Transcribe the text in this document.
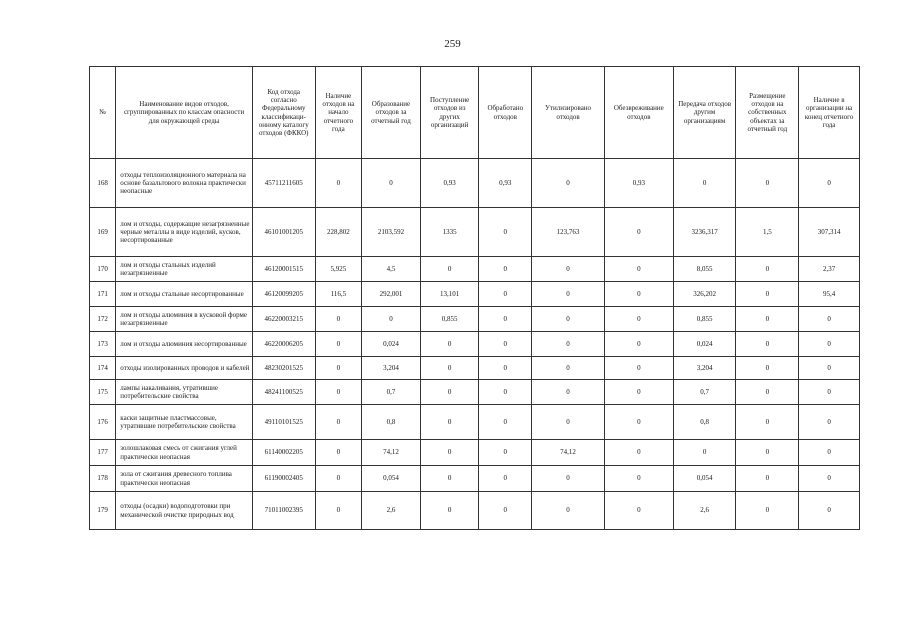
259
№	Наименование видов отходов, сгруппированных по классам опасности для окружающей среды	Код отхода согласно Федеральному классификаци-онному каталогу отходов (ФККО)	Наличие отходов на начало отчетного года	Образование отходов за отчетный год	Поступление отходов из других организаций	Обработано отходов	Утилизировано отходов	Обезвреживание отходов	Передача отходов другим организациям	Размещение отходов на собственных объектах за отчетный год	Наличие в организации на конец отчетного года
168	отходы теплоизоляционного материала на основе базальтового волокна практически неопасные	45711211605	0	0	0,93	0,93	0	0,93	0	0	0
169	лом и отходы, содержащие незагрязненные черные металлы в виде изделий, кусков, несортированные	46101001205	228,802	2103,592	1335	0	123,763	0	3236,317	1,5	307,314
170	лом и отходы стальных изделий незагрязненные	46120001515	5,925	4,5	0	0	0	0	8,055	0	2,37
171	лом и отходы стальные несортированные	46120099205	116,5	292,001	13,101	0	0	0	326,202	0	95,4
172	лом и отходы алюминия в кусковой форме незагрязненные	46220003215	0	0	0,855	0	0	0	0,855	0	0
173	лом и отходы алюминия несортированные	46220006205	0	0,024	0	0	0	0	0,024	0	0
174	отходы изолированных проводов и кабелей	48230201525	0	3,204	0	0	0	0	3,204	0	0
175	лампы накаливания, утратившие потребительские свойства	48241100525	0	0,7	0	0	0	0	0,7	0	0
176	каски защитные пластмассовые, утратившие потребительские свойства	49110101525	0	0,8	0	0	0	0	0,8	0	0
177	золошлаковая смесь от сжигания углей практически неопасная	61140002205	0	74,12	0	0	74,12	0	0	0	0
178	зола от сжигания древесного топлива практически неопасная	61190002405	0	0,054	0	0	0	0	0,054	0	0
179	отходы (осадки) водоподготовки при механической очистке природных вод	71011002395	0	2,6	0	0	0	0	2,6	0	0
